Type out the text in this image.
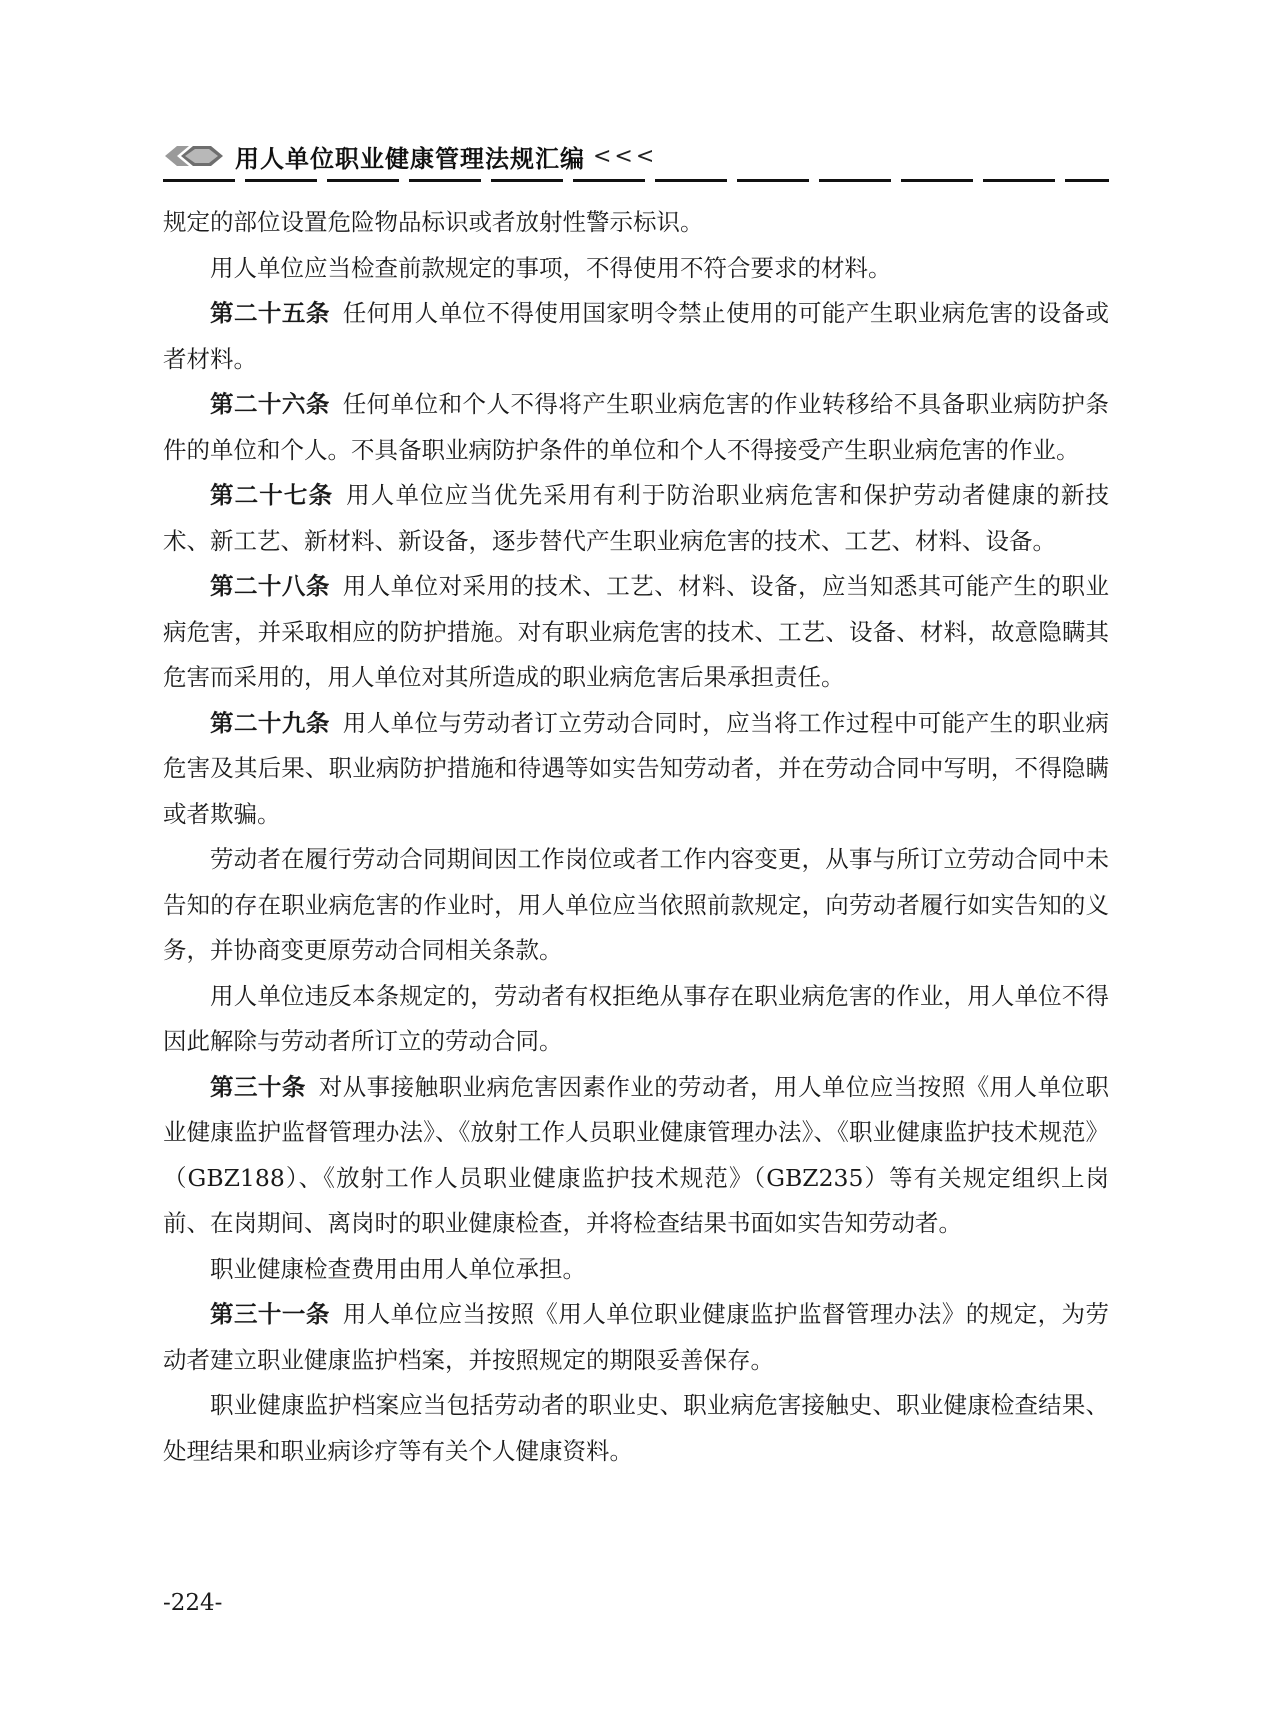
用人单位职业健康管理法规汇编 <<<

规定的部位设置危险物品标识或者放射性警示标识。

用人单位应当检查前款规定的事项，不得使用不符合要求的材料。

第二十五条 任何用人单位不得使用国家明令禁止使用的可能产生职业病危害的设备或者材料。

第二十六条 任何单位和个人不得将产生职业病危害的作业转移给不具备职业病防护条件的单位和个人。不具备职业病防护条件的单位和个人不得接受产生职业病危害的作业。

第二十七条 用人单位应当优先采用有利于防治职业病危害和保护劳动者健康的新技术、新工艺、新材料、新设备，逐步替代产生职业病危害的技术、工艺、材料、设备。

第二十八条 用人单位对采用的技术、工艺、材料、设备，应当知悉其可能产生的职业病危害，并采取相应的防护措施。对有职业病危害的技术、工艺、设备、材料，故意隐瞒其危害而采用的，用人单位对其所造成的职业病危害后果承担责任。

第二十九条 用人单位与劳动者订立劳动合同时，应当将工作过程中可能产生的职业病危害及其后果、职业病防护措施和待遇等如实告知劳动者，并在劳动合同中写明，不得隐瞒或者欺骗。

劳动者在履行劳动合同期间因工作岗位或者工作内容变更，从事与所订立劳动合同中未告知的存在职业病危害的作业时，用人单位应当依照前款规定，向劳动者履行如实告知的义务，并协商变更原劳动合同相关条款。

用人单位违反本条规定的，劳动者有权拒绝从事存在职业病危害的作业，用人单位不得因此解除与劳动者所订立的劳动合同。

第三十条 对从事接触职业病危害因素作业的劳动者，用人单位应当按照《用人单位职业健康监护监督管理办法》、《放射工作人员职业健康管理办法》、《职业健康监护技术规范》（GBZ188）、《放射工作人员职业健康监护技术规范》（GBZ235）等有关规定组织上岗前、在岗期间、离岗时的职业健康检查，并将检查结果书面如实告知劳动者。

职业健康检查费用由用人单位承担。

第三十一条 用人单位应当按照《用人单位职业健康监护监督管理办法》的规定，为劳动者建立职业健康监护档案，并按照规定的期限妥善保存。

职业健康监护档案应当包括劳动者的职业史、职业病危害接触史、职业健康检查结果、处理结果和职业病诊疗等有关个人健康资料。

-224-
